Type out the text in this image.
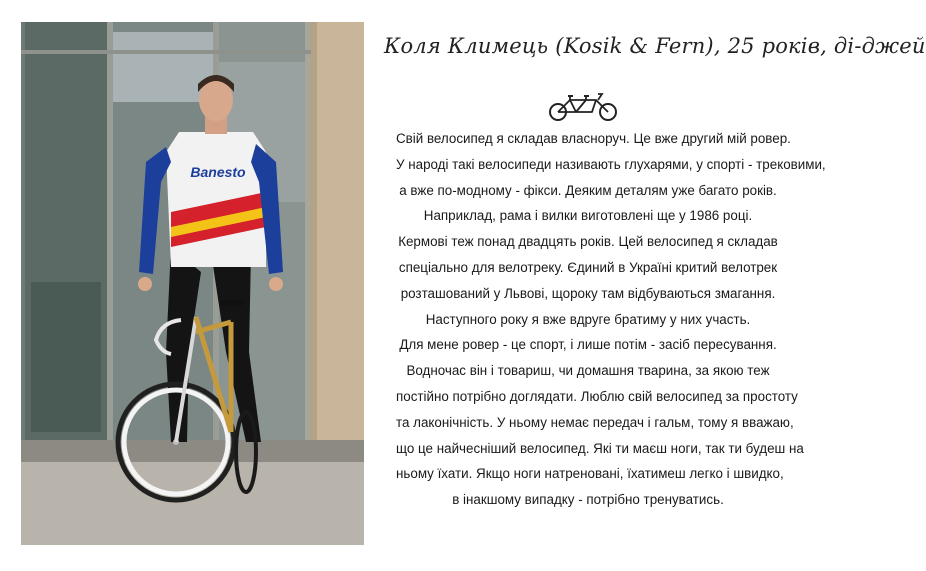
Banesto
Коля Климець (Kosik & Fern), 25 років, ді-джей

Свій велосипед я складав власноруч. Це вже другий мій ровер.

У народі такі велосипеди називають глухарями, у спорті - трековими,

а вже по-модному - фікси. Деяким деталям уже багато років.

Наприклад, рама і вилки виготовлені ще у 1986 році.

Кермові теж понад двадцять років. Цей велосипед я складав

спеціально для велотреку. Єдиний в Україні критий велотрек

розташований у Львові, щороку там відбуваються змагання.

Наступного року я вже вдруге братиму у них участь.

Для мене ровер - це спорт, і лише потім - засіб пересування.

Водночас він і товариш, чи домашня тварина, за якою теж

постійно потрібно доглядати. Люблю свій велосипед за простоту

та лаконічність. У ньому немає передач і гальм, тому я вважаю,

що це найчесніший велосипед. Які ти маєш ноги, так ти будеш на

ньому їхати. Якщо ноги натреновані, їхатимеш легко і швидко,

в інакшому випадку - потрібно тренуватись.
